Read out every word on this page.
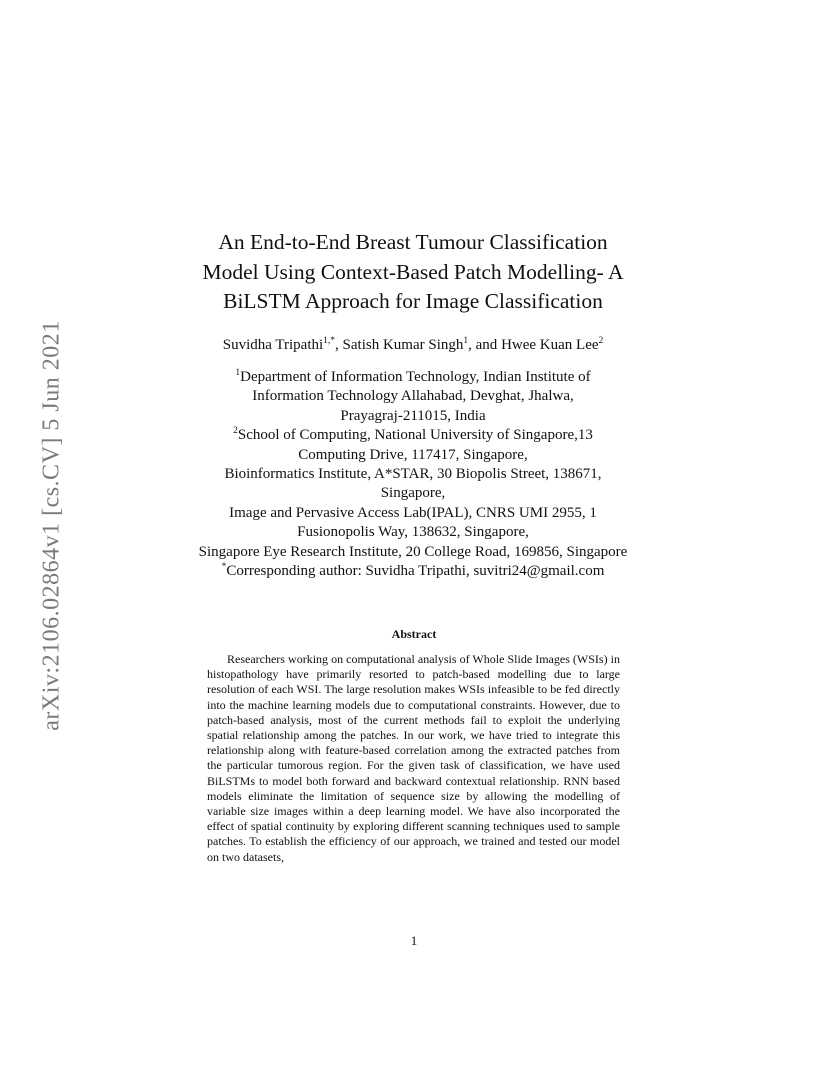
arXiv:2106.02864v1 [cs.CV] 5 Jun 2021
An End-to-End Breast Tumour Classification
Model Using Context-Based Patch Modelling- A
BiLSTM Approach for Image Classification
Suvidha Tripathi$^{1,*}$, Satish Kumar Singh$^1$, and Hwee Kuan Lee$^2$
$^1$Department of Information Technology, Indian Institute of
Information Technology Allahabad, Devghat, Jhalwa,
Prayagraj-211015, India
$^2$School of Computing, National University of Singapore,13
Computing Drive, 117417, Singapore,
Bioinformatics Institute, A*STAR, 30 Biopolis Street, 138671,
Singapore,
Image and Pervasive Access Lab(IPAL), CNRS UMI 2955, 1
Fusionopolis Way, 138632, Singapore,
Singapore Eye Research Institute, 20 College Road, 169856, Singapore
*Corresponding author: Suvidha Tripathi, suvitri24@gmail.com
Abstract
Researchers working on computational analysis of Whole Slide Images (WSIs) in histopathology have primarily resorted to patch-based modelling due to large resolution of each WSI. The large resolution makes WSIs infeasible to be fed directly into the machine learning models due to computational constraints. However, due to patch-based analysis, most of the current methods fail to exploit the underlying spatial relationship among the patches. In our work, we have tried to integrate this relationship along with feature-based correlation among the extracted patches from the particular tumorous region. For the given task of classification, we have used BiLSTMs to model both forward and backward contextual relationship. RNN based models eliminate the limitation of sequence size by allowing the modelling of variable size images within a deep learning model. We have also incorporated the effect of spatial continuity by exploring different scanning techniques used to sample patches. To establish the efficiency of our approach, we trained and tested our model on two datasets,
1
